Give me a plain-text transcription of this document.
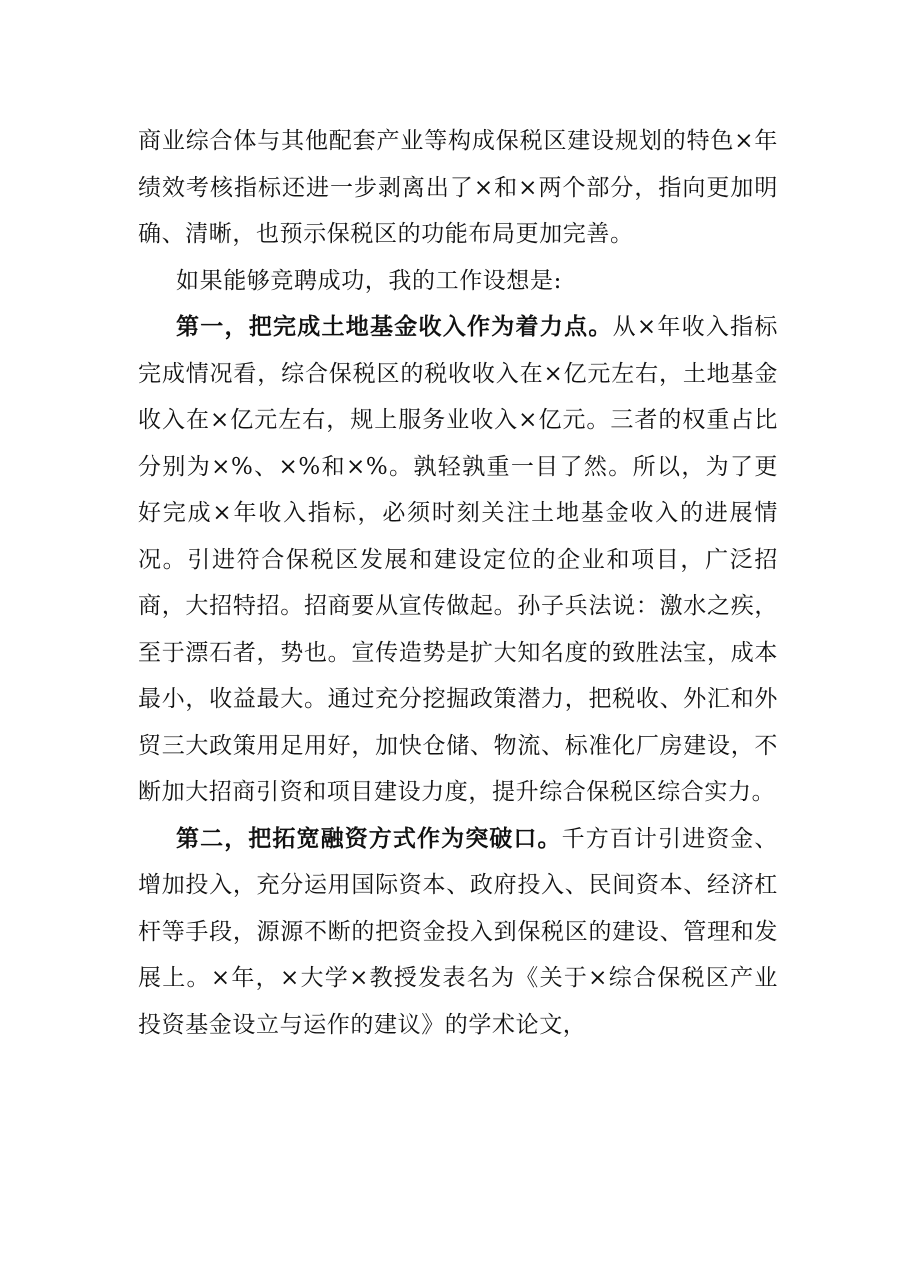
商业综合体与其他配套产业等构成保税区建设规划的特色×年绩效考核指标还进一步剥离出了×和×两个部分，指向更加明确、清晰，也预示保税区的功能布局更加完善。

如果能够竞聘成功，我的工作设想是:

第一，把完成土地基金收入作为着力点。从×年收入指标完成情况看，综合保税区的税收收入在×亿元左右，土地基金收入在×亿元左右，规上服务业收入×亿元。三者的权重占比分别为×%、×%和×%。孰轻孰重一目了然。所以，为了更好完成×年收入指标，必须时刻关注土地基金收入的进展情况。引进符合保税区发展和建设定位的企业和项目，广泛招商，大招特招。招商要从宣传做起。孙子兵法说：激水之疾，至于漂石者，势也。宣传造势是扩大知名度的致胜法宝，成本最小，收益最大。通过充分挖掘政策潜力，把税收、外汇和外贸三大政策用足用好，加快仓储、物流、标准化厂房建设，不断加大招商引资和项目建设力度，提升综合保税区综合实力。

第二，把拓宽融资方式作为突破口。千方百计引进资金、增加投入，充分运用国际资本、政府投入、民间资本、经济杠杆等手段，源源不断的把资金投入到保税区的建设、管理和发展上。×年，×大学×教授发表名为《关于×综合保税区产业投资基金设立与运作的建议》的学术论文，
